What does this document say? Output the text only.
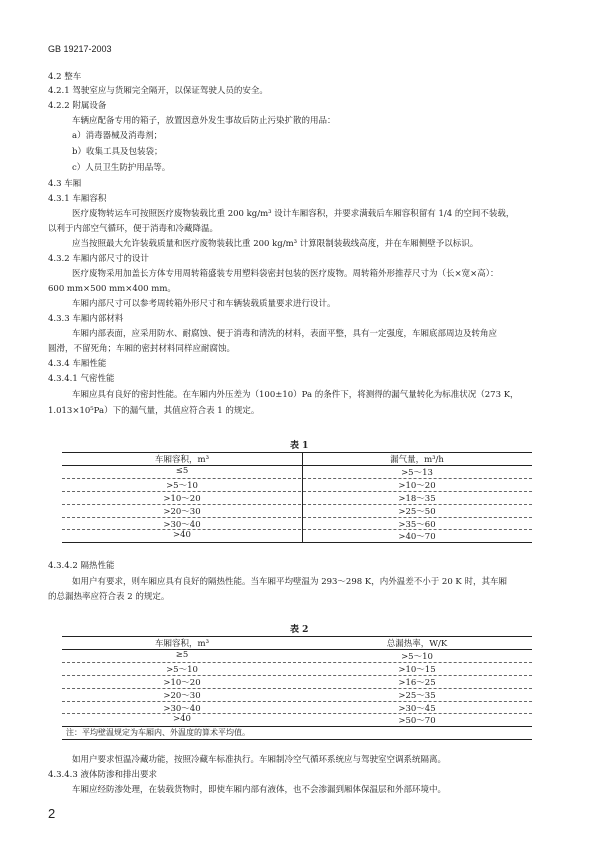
GB 19217-2003
4.2 整车
4.2.1 驾驶室应与货厢完全隔开，以保证驾驶人员的安全。
4.2.2 附属设备
车辆应配备专用的箱子，放置因意外发生事故后防止污染扩散的用品：
a）消毒器械及消毒剂；
b）收集工具及包装袋；
c）人员卫生防护用品等。
4.3 车厢
4.3.1 车厢容积
医疗废物转运车可按照医疗废物装载比重 200 kg/m³ 设计车厢容积，并要求满载后车厢容积留有 1/4 的空间不装载，
以利于内部空气循环，便于消毒和冷藏降温。
应当按照最大允许装载质量和医疗废物装载比重 200 kg/m³ 计算限制装载线高度，并在车厢侧壁予以标识。
4.3.2 车厢内部尺寸的设计
医疗废物采用加盖长方体专用周转箱盛装专用塑料袋密封包装的医疗废物。周转箱外形推荐尺寸为（长×宽×高）：
600 mm×500 mm×400 mm。
车厢内部尺寸可以参考周转箱外形尺寸和车辆装载质量要求进行设计。
4.3.3 车厢内部材料
车厢内部表面，应采用防水、耐腐蚀、便于消毒和清洗的材料，表面平整，具有一定强度，车厢底部周边及转角应
圆滑，不留死角；车厢的密封材料同样应耐腐蚀。
4.3.4 车厢性能
4.3.4.1 气密性能
车厢应具有良好的密封性能。在车厢内外压差为（100±10）Pa 的条件下，将测得的漏气量转化为标准状况（273 K，
1.013×10⁵Pa）下的漏气量，其值应符合表 1 的规定。
表 1
车厢容积，m³	漏气量，m³/h
≤5	>5～13
>5～10	>10～20
>10～20	>18～35
>20～30	>25～50
>30～40	>35～60
>40	>40～70
4.3.4.2 隔热性能
如用户有要求，则车厢应具有良好的隔热性能。当车厢平均壁温为 293～298 K，内外温差不小于 20 K 时，其车厢
的总漏热率应符合表 2 的规定。
表 2
车厢容积，m³	总漏热率，W/K
≥5	>5～10
>5～10	>10～15
>10～20	>16～25
>20～30	>25～35
>30～40	>30～45
>40	>50～70
注：平均壁温规定为车厢内、外温度的算术平均值。
如用户要求恒温冷藏功能，按照冷藏车标准执行。车厢制冷空气循环系统应与驾驶室空调系统隔离。
4.3.4.3 液体防渗和排出要求
车厢应经防渗处理，在装载货物时，即使车厢内部有液体，也不会渗漏到厢体保温层和外部环境中。
2
